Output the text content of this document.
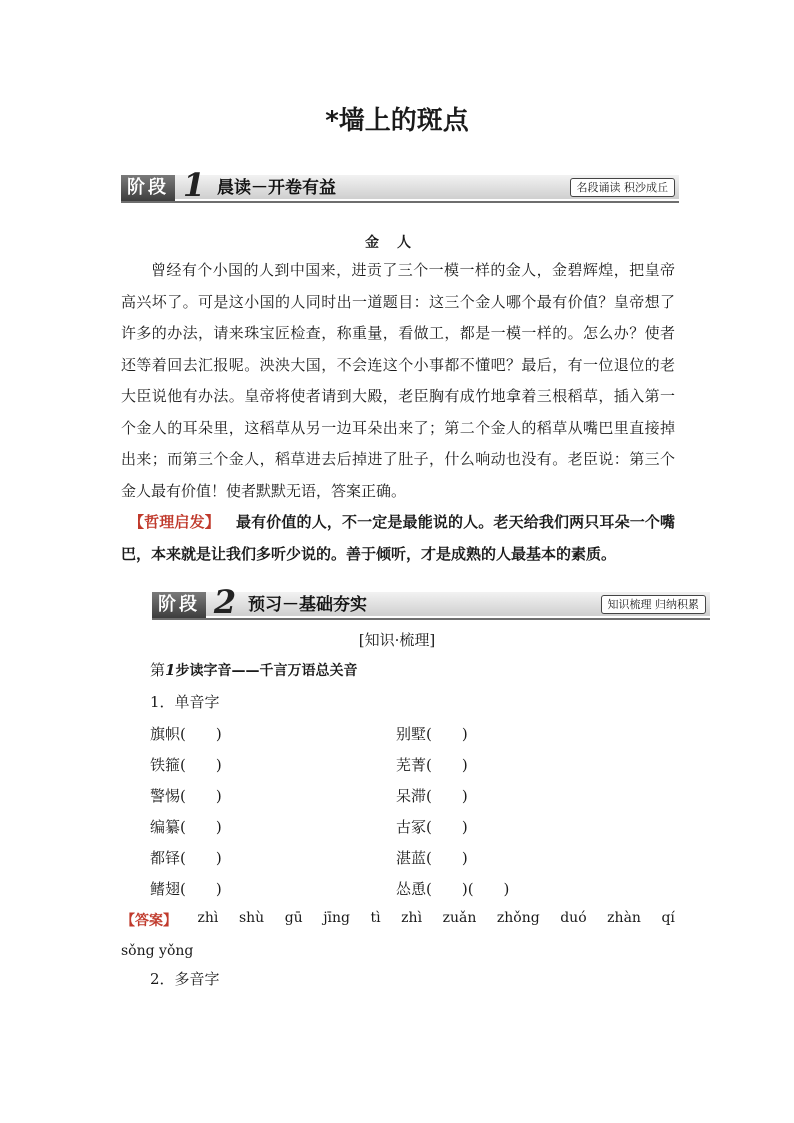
*墙上的斑点
阶段 1 晨读－开卷有益	名段诵读 积沙成丘
金人

曾经有个小国的人到中国来，进贡了三个一模一样的金人，金碧辉煌，把皇帝高兴坏了。可是这小国的人同时出一道题目：这三个金人哪个最有价值？皇帝想了许多的办法，请来珠宝匠检查，称重量，看做工，都是一模一样的。怎么办？使者还等着回去汇报呢。泱泱大国，不会连这个小事都不懂吧？最后，有一位退位的老大臣说他有办法。皇帝将使者请到大殿，老臣胸有成竹地拿着三根稻草，插入第一个金人的耳朵里，这稻草从另一边耳朵出来了；第二个金人的稻草从嘴巴里直接掉出来；而第三个金人，稻草进去后掉进了肚子，什么响动也没有。老臣说：第三个金人最有价值！使者默默无语，答案正确。

【哲理启发】 最有价值的人，不一定是最能说的人。老天给我们两只耳朵一个嘴巴，本来就是让我们多听少说的。善于倾听，才是成熟的人最基本的素质。

阶段 2 预习－基础夯实	知识梳理 归纳积累
[知识·梳理]
第1步读字音——千言万语总关音
1．单音字
旗帜(　　)
铁箍(　　)
警惕(　　)
编纂(　　)
都铎(　　)
鳍翅(　　)
别墅(　　)
芜菁(　　)
呆滞(　　)
古冢(　　)
湛蓝(　　)
怂恿(　　)(　　)
【答案】 zhì shù gū jīng tì zhì zuǎn zhǒng duó zhàn qí
sǒng yǒng
2．多音字
